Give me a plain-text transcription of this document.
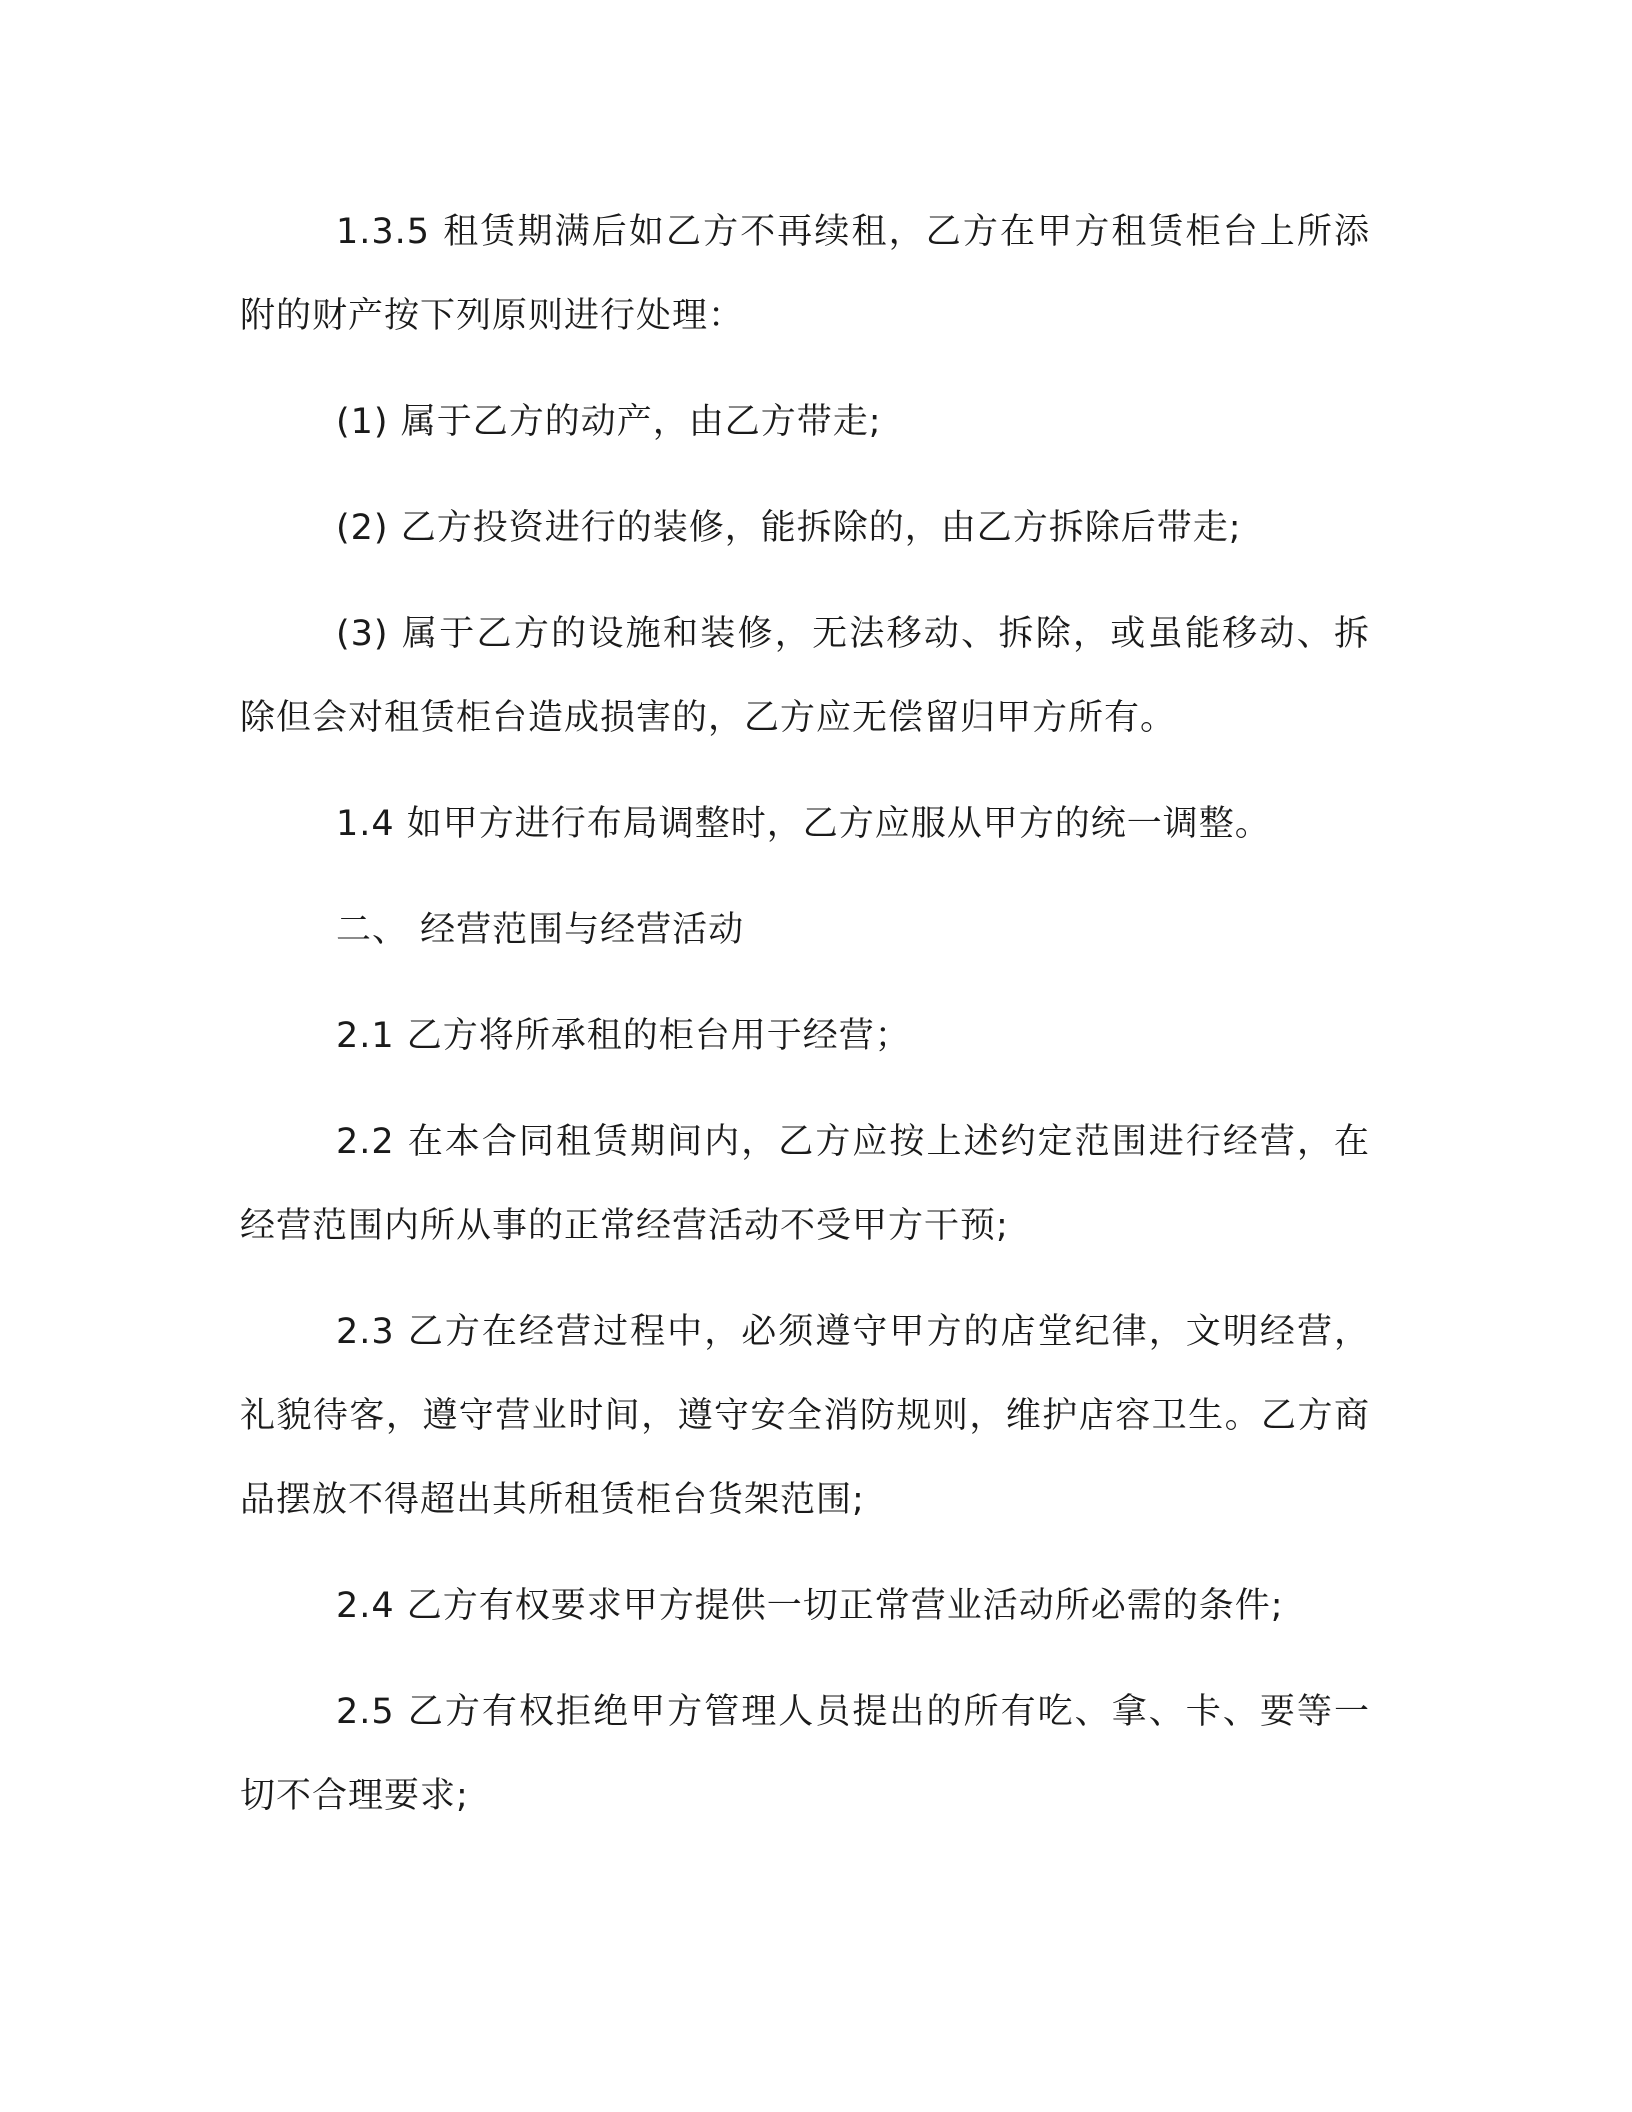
1.3.5 租赁期满后如乙方不再续租，乙方在甲方租赁柜台上所添附的财产按下列原则进行处理：

(1) 属于乙方的动产，由乙方带走;

(2) 乙方投资进行的装修，能拆除的，由乙方拆除后带走;

(3) 属于乙方的设施和装修，无法移动、拆除，或虽能移动、拆除但会对租赁柜台造成损害的，乙方应无偿留归甲方所有。

1.4 如甲方进行布局调整时，乙方应服从甲方的统一调整。

二、 经营范围与经营活动

2.1 乙方将所承租的柜台用于经营；

2.2 在本合同租赁期间内，乙方应按上述约定范围进行经营，在经营范围内所从事的正常经营活动不受甲方干预;

2.3 乙方在经营过程中，必须遵守甲方的店堂纪律，文明经营，礼貌待客，遵守营业时间，遵守安全消防规则，维护店容卫生。乙方商品摆放不得超出其所租赁柜台货架范围;

2.4 乙方有权要求甲方提供一切正常营业活动所必需的条件;

2.5 乙方有权拒绝甲方管理人员提出的所有吃、拿、卡、要等一切不合理要求;
